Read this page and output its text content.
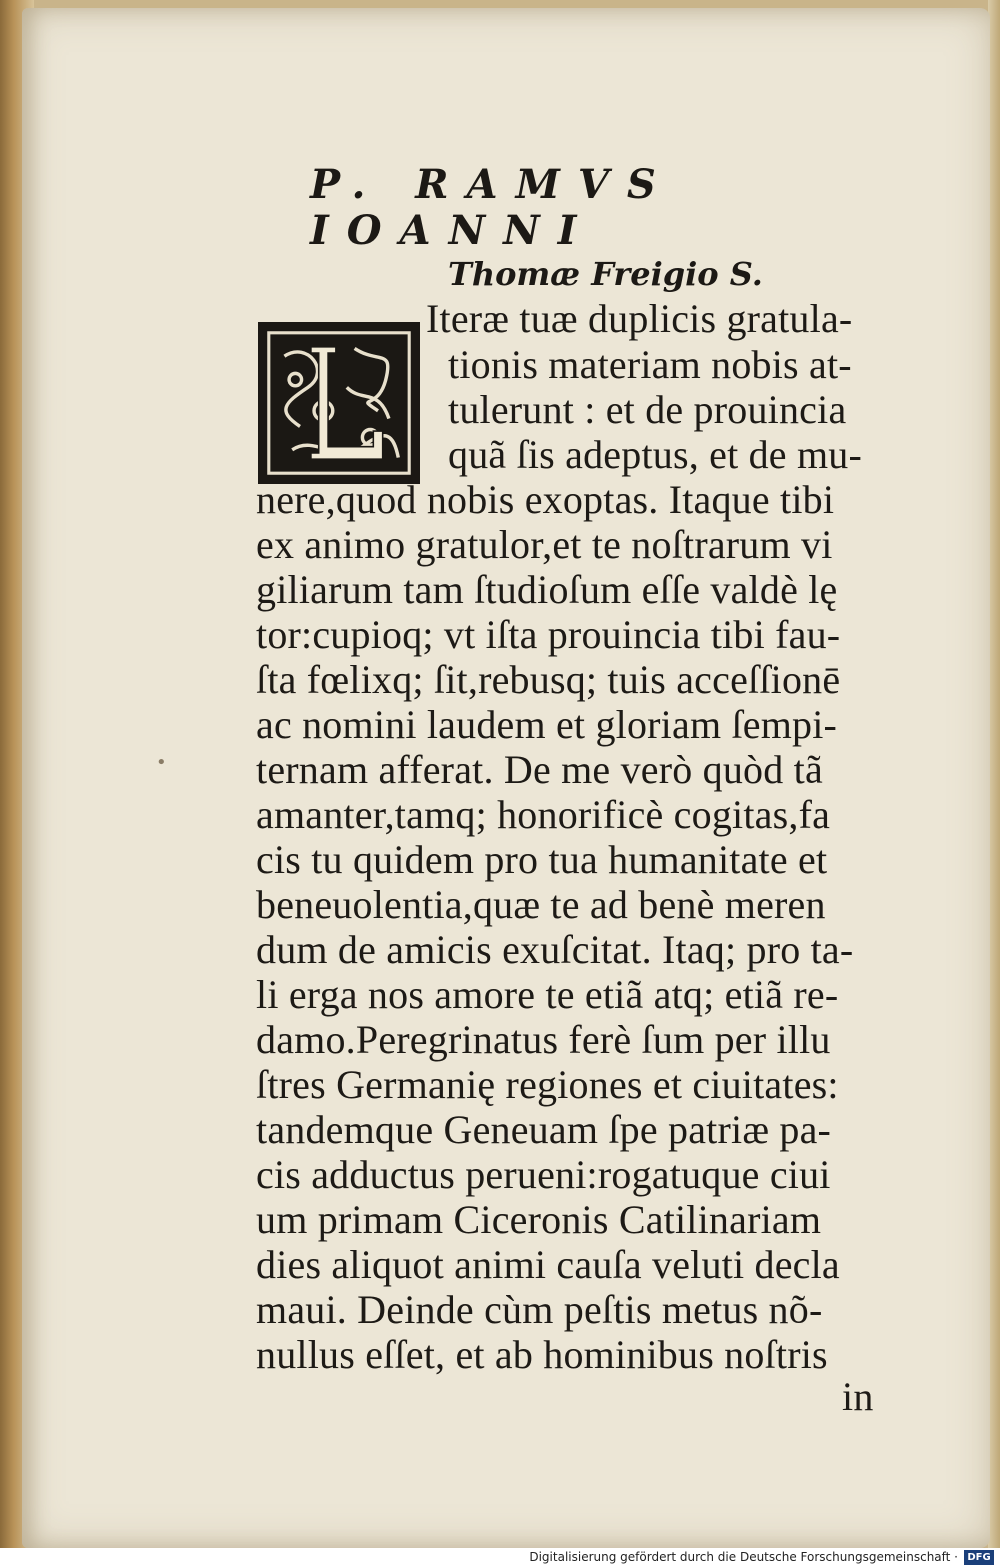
P. RAMVS IOANNI
Thomæ Freigio S.
Iteræ tuæ duplicis gratula-
tionis materiam nobis at-
tulerunt : et de prouincia
quã ſis adeptus, et de mu-
nere,quod nobis exoptas. Itaque tibi
ex animo gratulor,et te noſtrarum vi
giliarum tam ſtudioſum eſſe valdè lę
tor:cupioq; vt iſta prouincia tibi fau-
ſta fœlixq; ſit,rebusq; tuis acceſſionē
ac nomini laudem et gloriam ſempi-
ternam afferat. De me verò quòd tã
amanter,tamq; honorificè cogitas,fa
cis tu quidem pro tua humanitate et
beneuolentia,quæ te ad benè meren
dum de amicis exuſcitat. Itaq; pro ta-
li erga nos amore te etiã atq; etiã re-
damo.Peregrinatus ferè ſum per illu
ſtres Germanię regiones et ciuitates:
tandemque Geneuam ſpe patriæ pa-
cis adductus perueni:rogatuque ciui
um primam Ciceronis Catilinariam
dies aliquot animi cauſa veluti decla
maui. Deinde cùm peſtis metus nõ-
nullus eſſet, et ab hominibus noſtris
in
•
Digitalisierung gefördert durch die Deutsche Forschungsgemeinschaft · DFG
